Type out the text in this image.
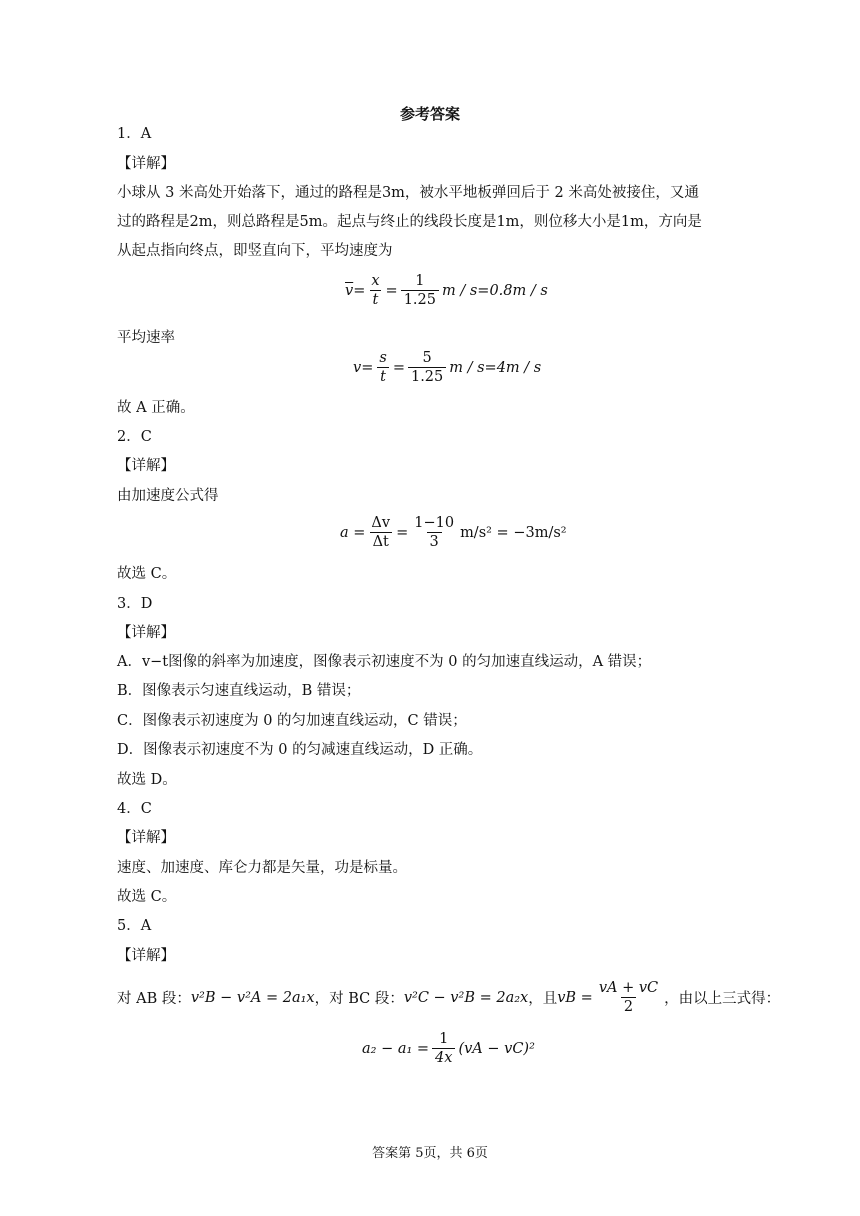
参考答案
1．A
【详解】
小球从 3 米高处开始落下，通过的路程是3m，被水平地板弹回后于 2 米高处被接住，又通
过的路程是2m，则总路程是5m。起点与终止的线段长度是1m，则位移大小是1m，方向是
从起点指向终点，即竖直向下，平均速度为
$\overline{v} = \frac{x}{t} = \frac{1}{1.25}$ m / s=0.8m / s
平均速率
$v = \frac{s}{t} = \frac{5}{1.25}$ m / s=4m / s
故 A 正确。
2．C
【详解】
由加速度公式得
$a = \frac{\Delta v}{\Delta t} = \frac{1-10}{3} m/s^2 = -3m/s^2$
故选 C。
3．D
【详解】
A．v−t图像的斜率为加速度，图像表示初速度不为 0 的匀加速直线运动，A 错误；
B．图像表示匀速直线运动，B 错误；
C．图像表示初速度为 0 的匀加速直线运动，C 错误；
D．图像表示初速度不为 0 的匀减速直线运动，D 正确。
故选 D。
4．C
【详解】
速度、加速度、库仑力都是矢量，功是标量。
故选 C。
5．A
【详解】
对 AB 段： v²B − v²A = 2a₁x ，对 BC 段： v²C − v²B = 2a₂x ，且 vB = $\frac{vA + vC}{2}$ ，由以上三式得：
$a_2 - a_1 = \frac{1}{4x} (vA - vC)^2$
答案第 5页，共 6页
